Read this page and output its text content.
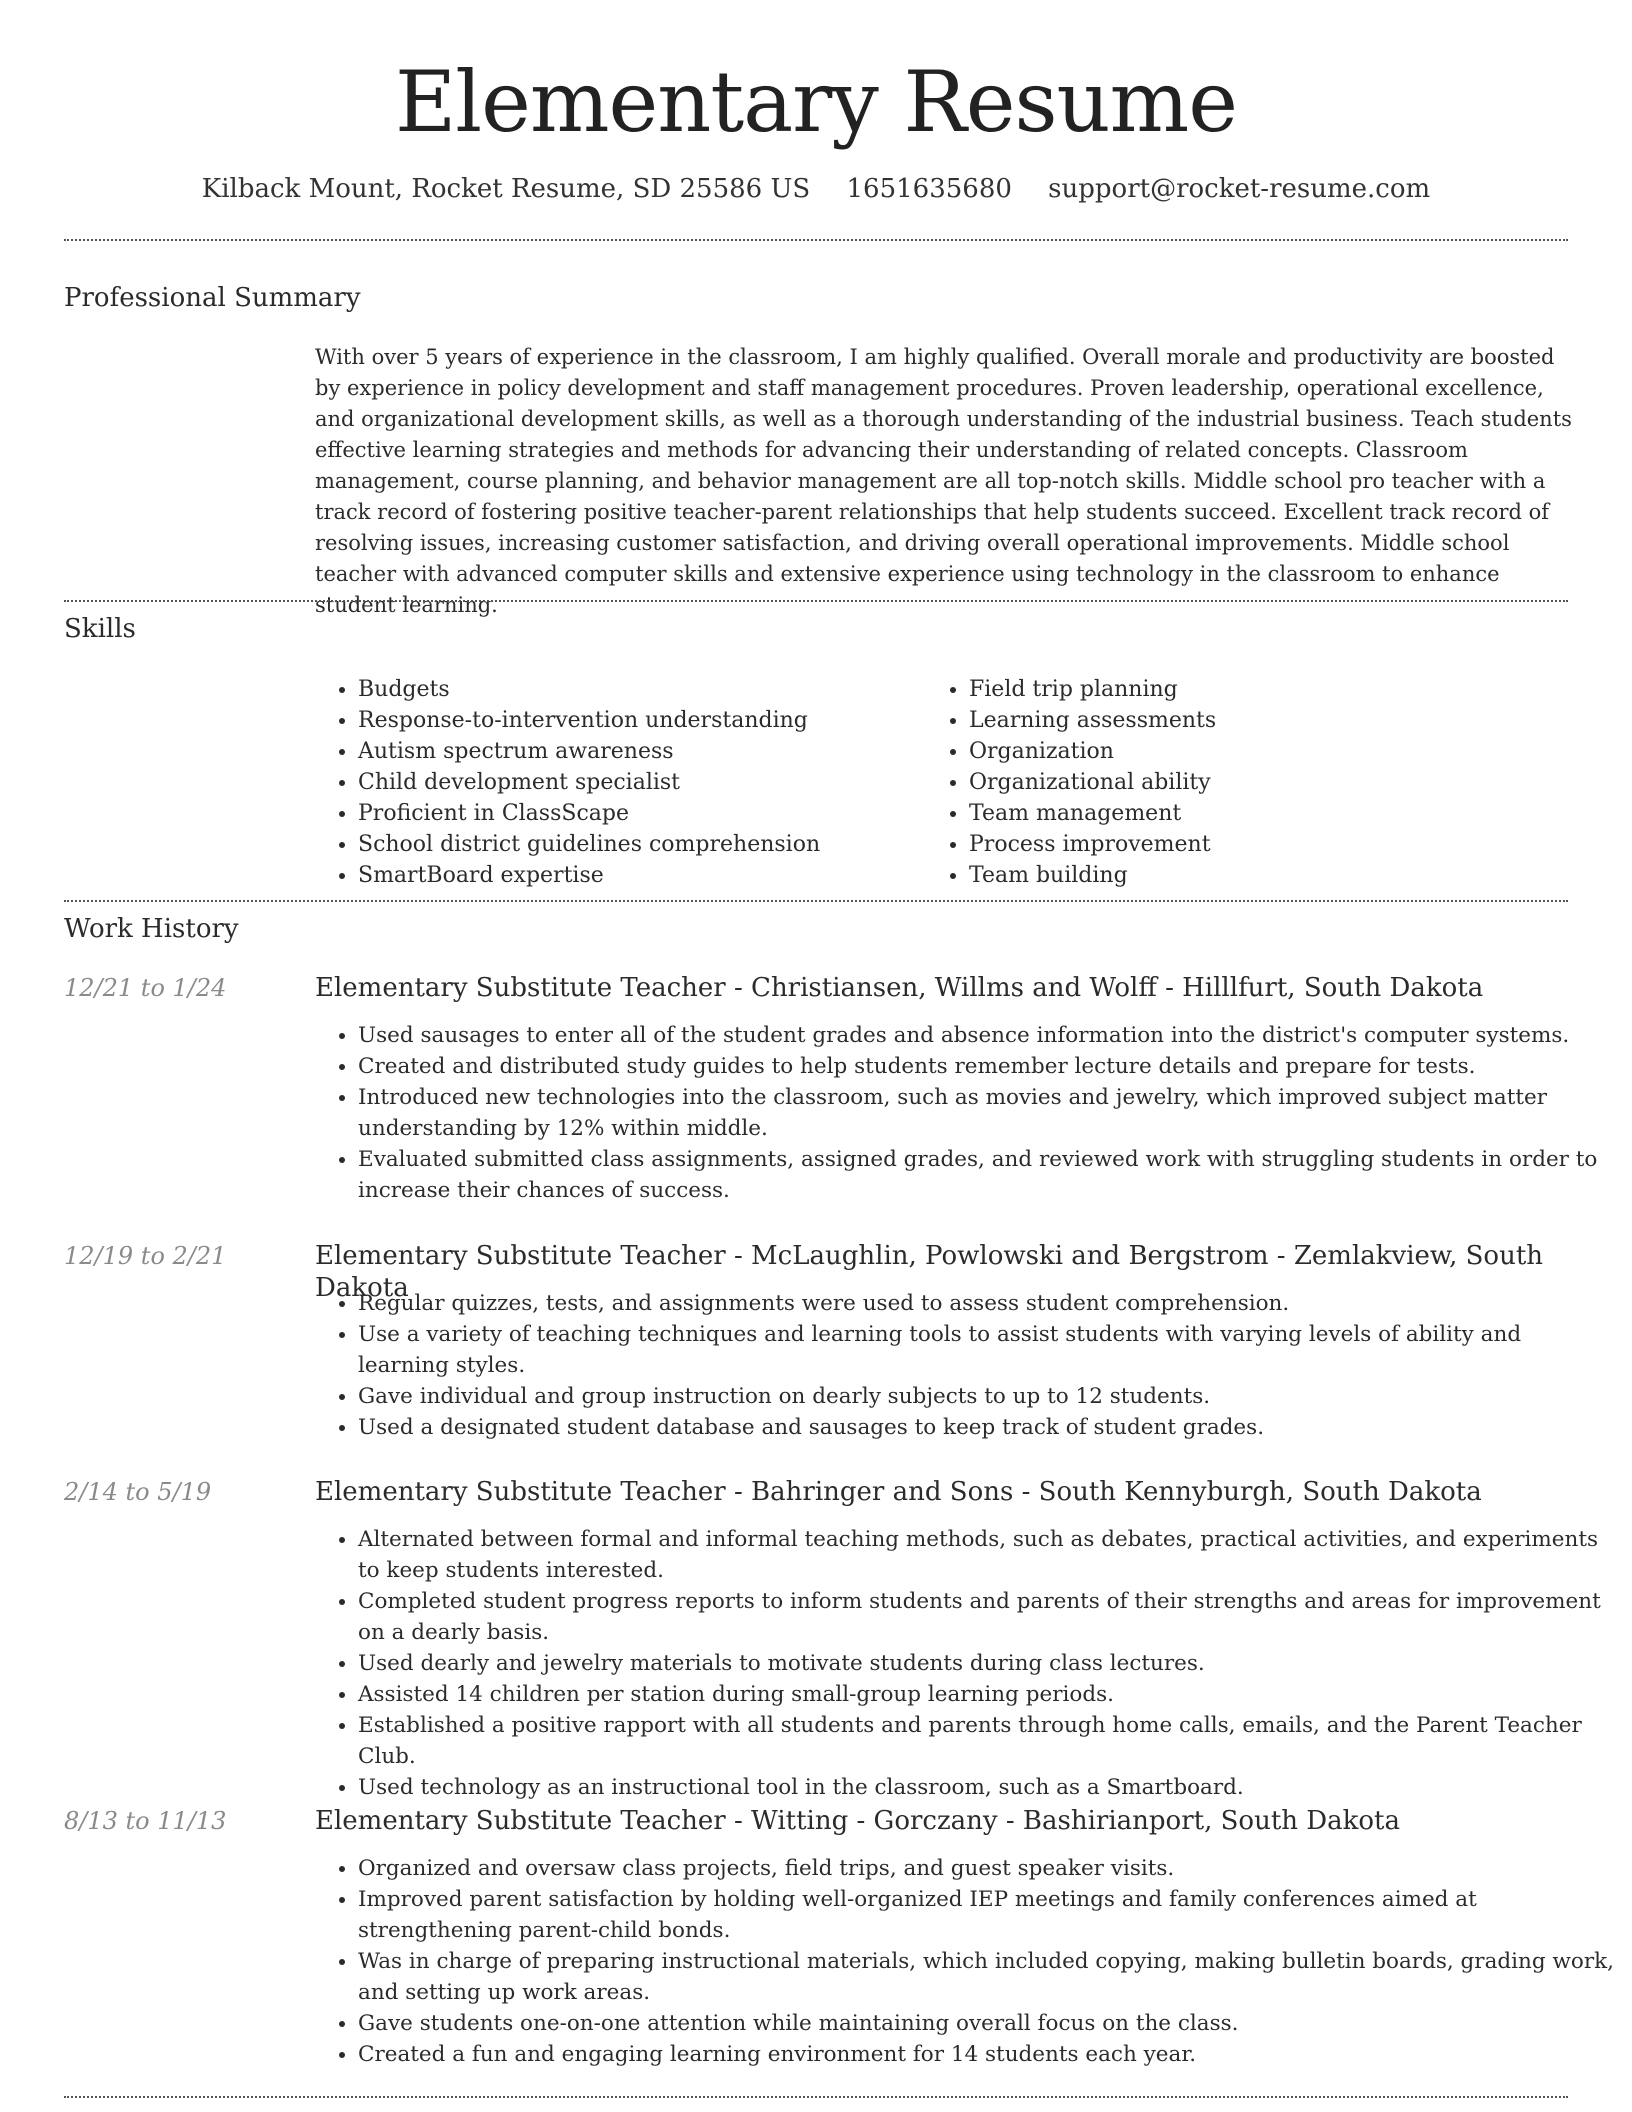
Elementary Resume
Kilback Mount, Rocket Resume, SD 25586 US 1651635680 support@rocket-resume.com
Professional Summary

With over 5 years of experience in the classroom, I am highly qualified. Overall morale and productivity are boosted by experience in policy development and staff management procedures. Proven leadership, operational excellence, and organizational development skills, as well as a thorough understanding of the industrial business. Teach students effective learning strategies and methods for advancing their understanding of related concepts. Classroom management, course planning, and behavior management are all top-notch skills. Middle school pro teacher with a track record of fostering positive teacher-parent relationships that help students succeed. Excellent track record of resolving issues, increasing customer satisfaction, and driving overall operational improvements. Middle school teacher with advanced computer skills and extensive experience using technology in the classroom to enhance student learning.

Skills
• Budgets
• Response-to-intervention understanding
• Autism spectrum awareness
• Child development specialist
• Proficient in ClassScape
• School district guidelines comprehension
• SmartBoard expertise
• Field trip planning
• Learning assessments
• Organization
• Organizational ability
• Team management
• Process improvement
• Team building
Work History
12/21 to 1/24	Elementary Substitute Teacher - Christiansen, Willms and Wolff - Hilllfurt, South Dakota
• Used sausages to enter all of the student grades and absence information into the district's computer systems.
• Created and distributed study guides to help students remember lecture details and prepare for tests.
• Introduced new technologies into the classroom, such as movies and jewelry, which improved subject matter understanding by 12% within middle.
• Evaluated submitted class assignments, assigned grades, and reviewed work with struggling students in order to increase their chances of success.
12/19 to 2/21	Elementary Substitute Teacher - McLaughlin, Powlowski and Bergstrom - Zemlakview, South Dakota
• Regular quizzes, tests, and assignments were used to assess student comprehension.
• Use a variety of teaching techniques and learning tools to assist students with varying levels of ability and learning styles.
• Gave individual and group instruction on dearly subjects to up to 12 students.
• Used a designated student database and sausages to keep track of student grades.
2/14 to 5/19	Elementary Substitute Teacher - Bahringer and Sons - South Kennyburgh, South Dakota
• Alternated between formal and informal teaching methods, such as debates, practical activities, and experiments to keep students interested.
• Completed student progress reports to inform students and parents of their strengths and areas for improvement on a dearly basis.
• Used dearly and jewelry materials to motivate students during class lectures.
• Assisted 14 children per station during small-group learning periods.
• Established a positive rapport with all students and parents through home calls, emails, and the Parent Teacher Club.
• Used technology as an instructional tool in the classroom, such as a Smartboard.
8/13 to 11/13	Elementary Substitute Teacher - Witting - Gorczany - Bashirianport, South Dakota
• Organized and oversaw class projects, field trips, and guest speaker visits.
• Improved parent satisfaction by holding well-organized IEP meetings and family conferences aimed at strengthening parent-child bonds.
• Was in charge of preparing instructional materials, which included copying, making bulletin boards, grading work, and setting up work areas.
• Gave students one-on-one attention while maintaining overall focus on the class.
• Created a fun and engaging learning environment for 14 students each year.
